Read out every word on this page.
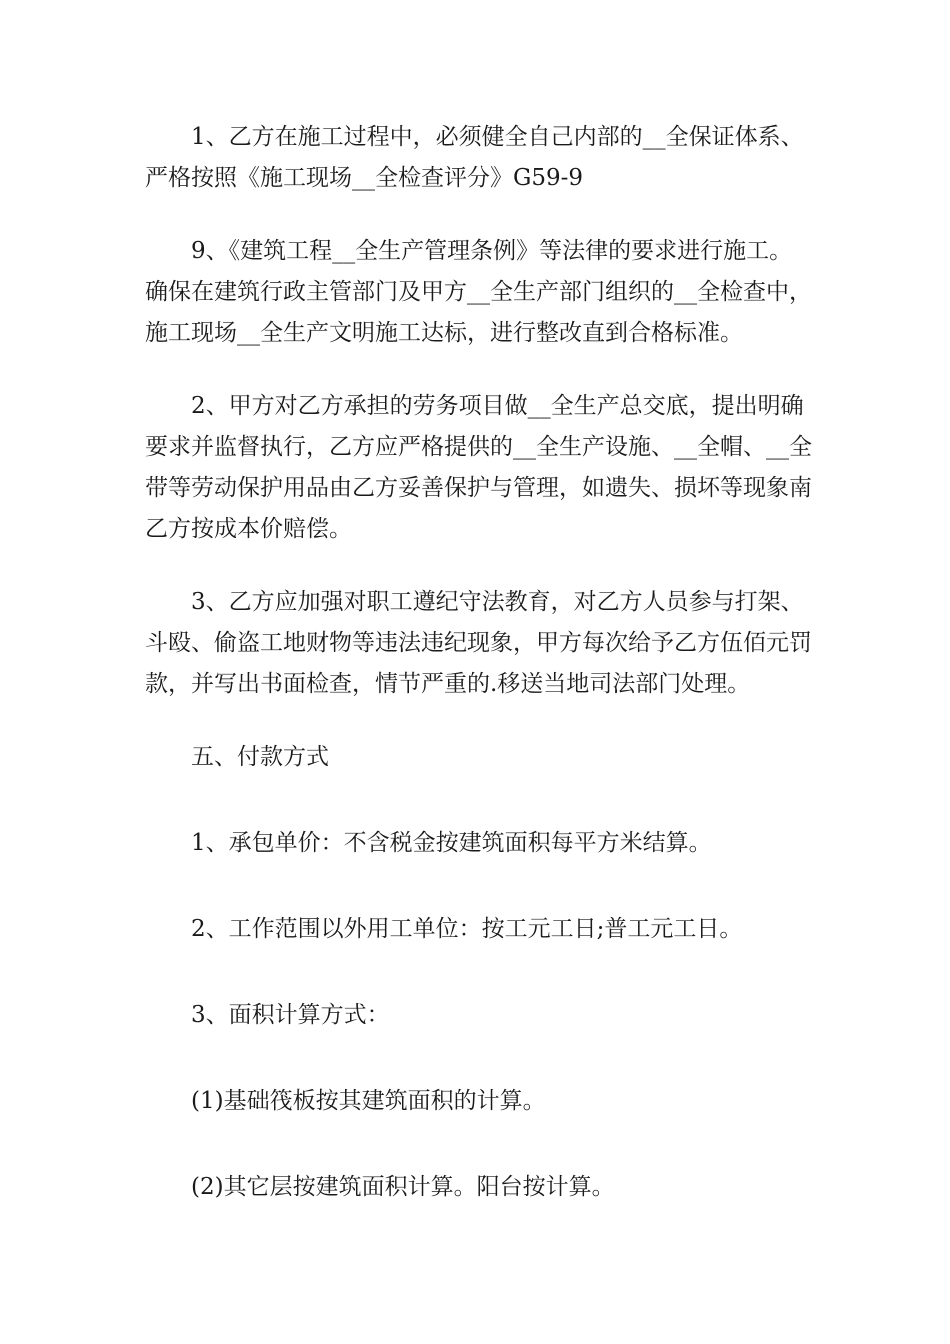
1、乙方在施工过程中，必须健全自己内部的__全保证体系、严格按照《施工现场__全检查评分》G59-9

9、《建筑工程__全生产管理条例》等法律的要求进行施工。确保在建筑行政主管部门及甲方__全生产部门组织的__全检查中，施工现场__全生产文明施工达标，进行整改直到合格标准。

2、甲方对乙方承担的劳务项目做__全生产总交底，提出明确要求并监督执行，乙方应严格提供的__全生产设施、__全帽、__全带等劳动保护用品由乙方妥善保护与管理，如遗失、损坏等现象南乙方按成本价赔偿。

3、乙方应加强对职工遵纪守法教育，对乙方人员参与打架、斗殴、偷盗工地财物等违法违纪现象，甲方每次给予乙方伍佰元罚款，并写出书面检查，情节严重的.移送当地司法部门处理。

五、付款方式

1、承包单价：不含税金按建筑面积每平方米结算。

2、工作范围以外用工单位：按工元工日;普工元工日。

3、面积计算方式：

(1)基础筏板按其建筑面积的计算。

(2)其它层按建筑面积计算。阳台按计算。
